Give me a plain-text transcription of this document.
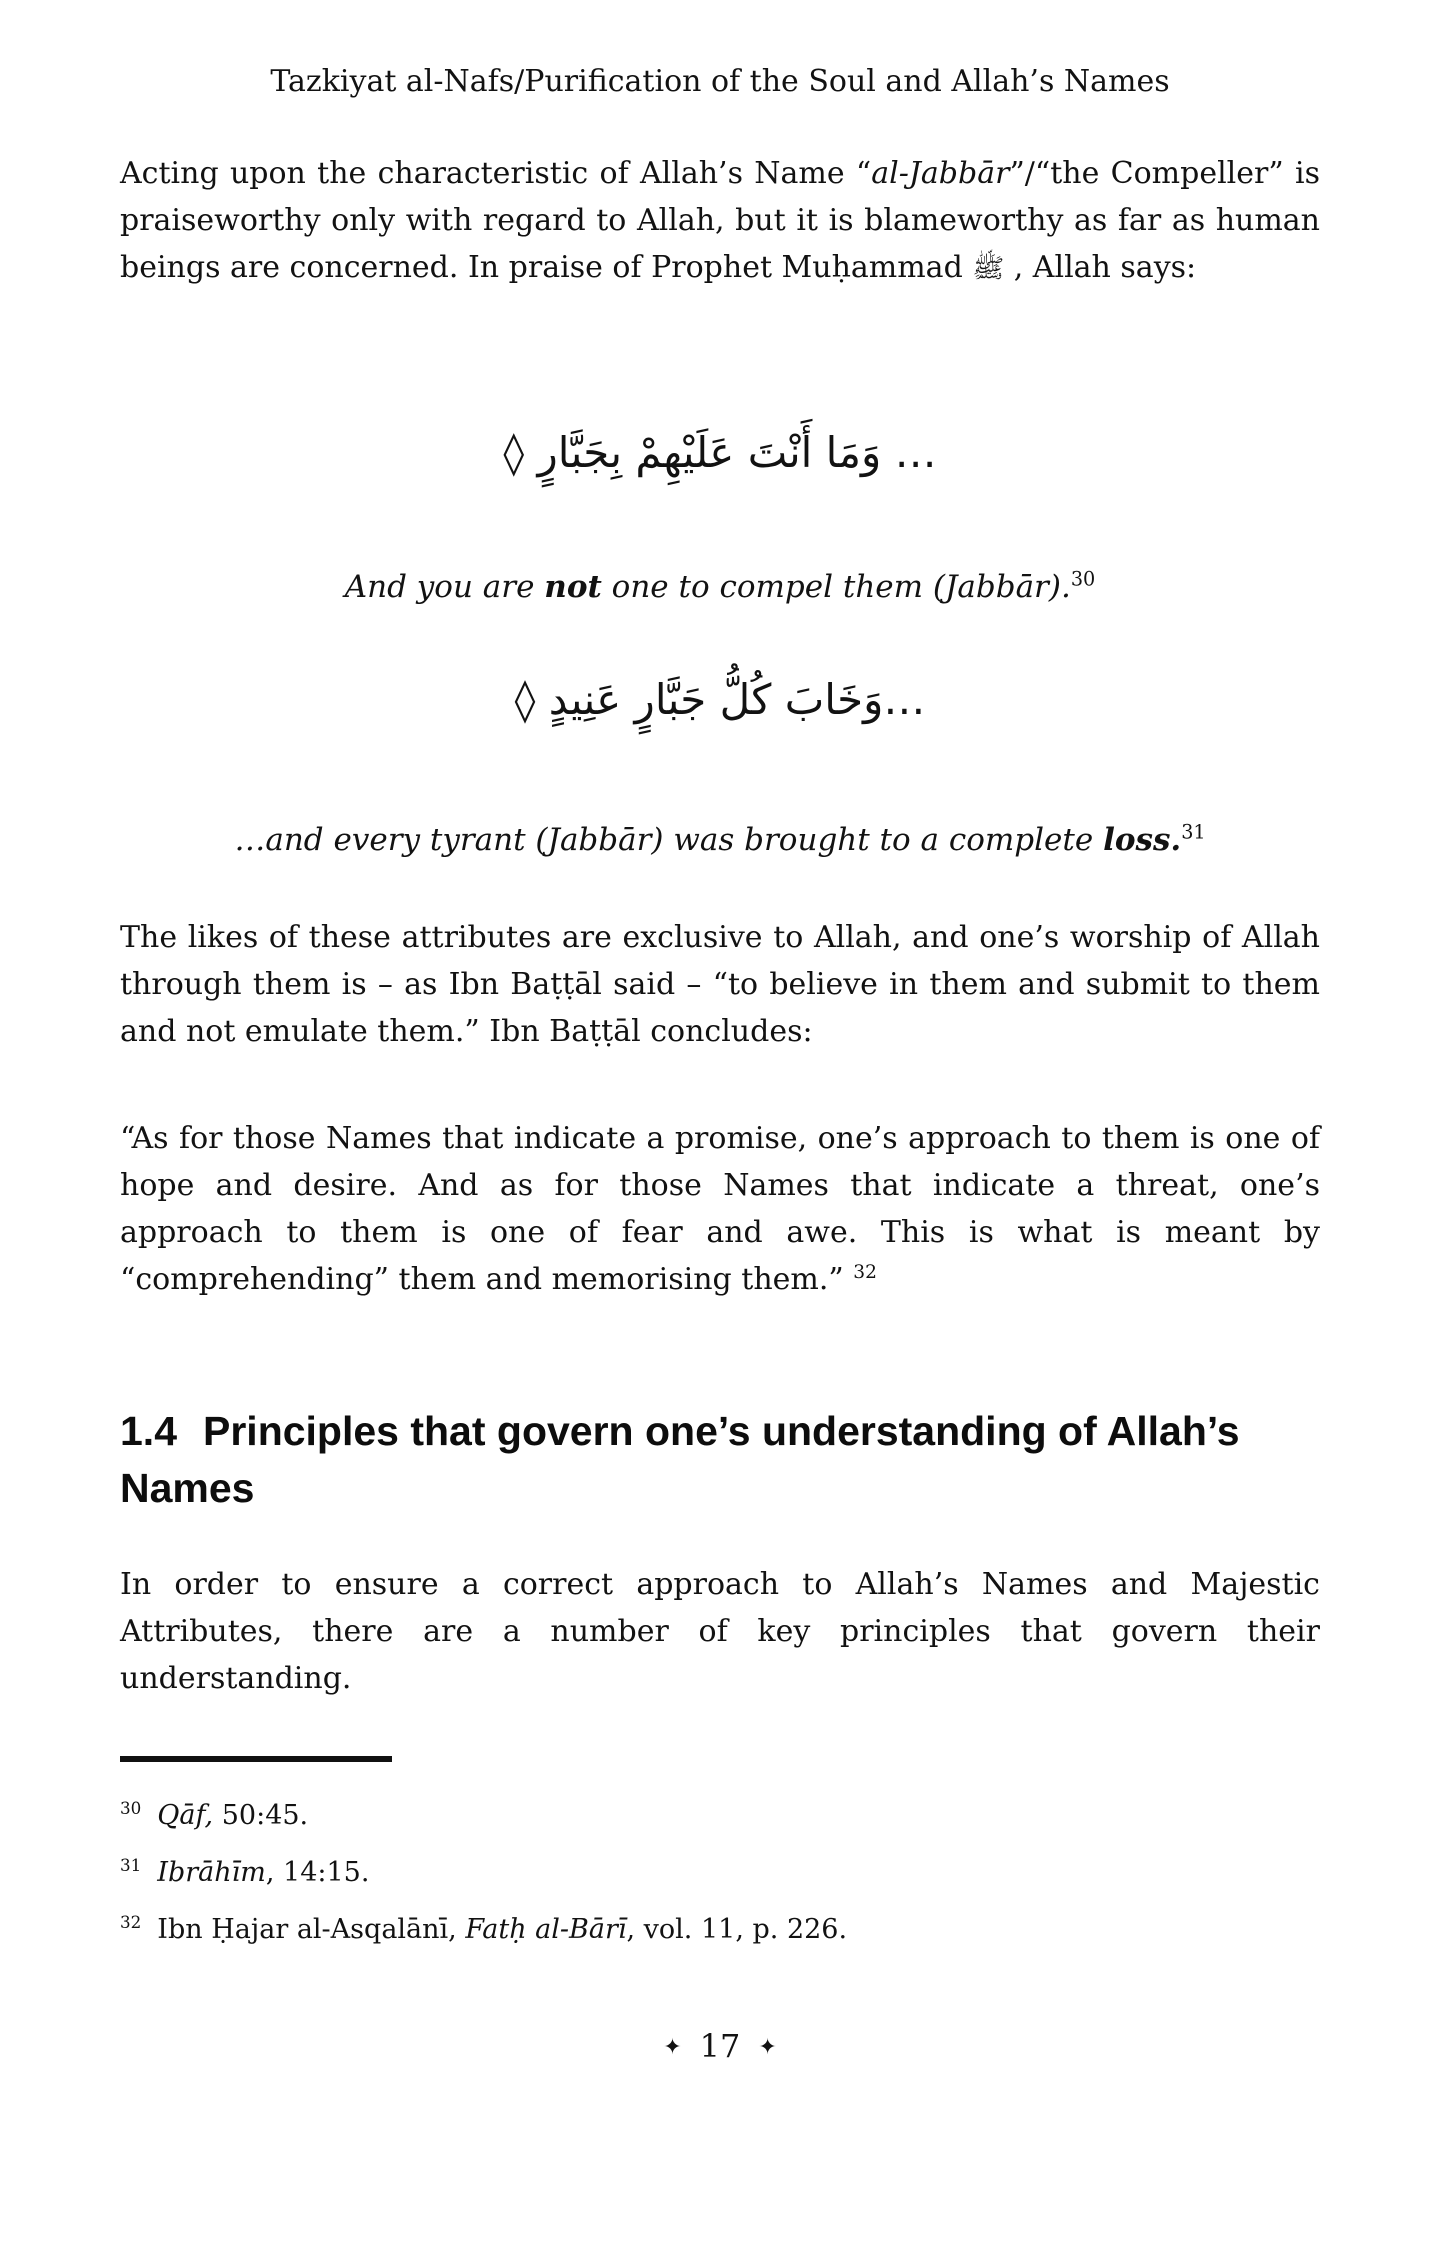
Tazkiyat al-Nafs/Purification of the Soul and Allah’s Names

Acting upon the characteristic of Allah’s Name “al-Jabbār”/“the Compeller” is praiseworthy only with regard to Allah, but it is blameworthy as far as human beings are concerned. In praise of Prophet Muḥammad ﷺ , Allah says:

… وَمَا أَنْتَ عَلَيْهِمْ بِجَبَّارٍ ◊

And you are not one to compel them (Jabbār).$^{30}$

…وَخَابَ كُلُّ جَبَّارٍ عَنِيدٍ ◊

…and every tyrant (Jabbār) was brought to a complete loss.$^{31}$

The likes of these attributes are exclusive to Allah, and one’s worship of Allah through them is – as Ibn Baṭṭāl said – “to believe in them and submit to them and not emulate them.” Ibn Baṭṭāl concludes:

“As for those Names that indicate a promise, one’s approach to them is one of hope and desire. And as for those Names that indicate a threat, one’s approach to them is one of fear and awe. This is what is meant by “comprehending” them and memorising them.” $^{32}$

1.4 Principles that govern one’s understanding of Allah’s Names

In order to ensure a correct approach to Allah’s Names and Majestic Attributes, there are a number of key principles that govern their understanding.

$^{30}$ Qāf, 50:45.

$^{31}$ Ibrāhīm, 14:15.

$^{32}$ Ibn Ḥajar al-Asqalānī, Fatḥ al-Bārī, vol. 11, p. 226.

✦ 17 ✦
